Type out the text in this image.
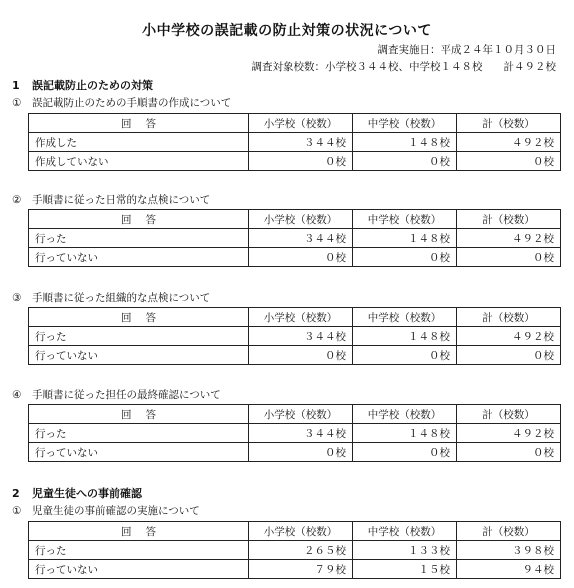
小中学校の誤記載の防止対策の状況について
調査実施日：平成２４年１０月３０日
調査対象校数：小学校３４４校、中学校１４８校　　計４９２校
1 誤記載防止のための対策
① 誤記載防止のための手順書の作成について
回答	小学校（校数）	中学校（校数）	計（校数）
作成した	３４４校	１４８校	４９２校
作成していない	０校	０校	０校
② 手順書に従った日常的な点検について
回答	小学校（校数）	中学校（校数）	計（校数）
行った	３４４校	１４８校	４９２校
行っていない	０校	０校	０校
③ 手順書に従った組織的な点検について
回答	小学校（校数）	中学校（校数）	計（校数）
行った	３４４校	１４８校	４９２校
行っていない	０校	０校	０校
④ 手順書に従った担任の最終確認について
回答	小学校（校数）	中学校（校数）	計（校数）
行った	３４４校	１４８校	４９２校
行っていない	０校	０校	０校
2 児童生徒への事前確認
① 児童生徒の事前確認の実施について
回答	小学校（校数）	中学校（校数）	計（校数）
行った	２６５校	１３３校	３９８校
行っていない	７９校	１５校	９４校
